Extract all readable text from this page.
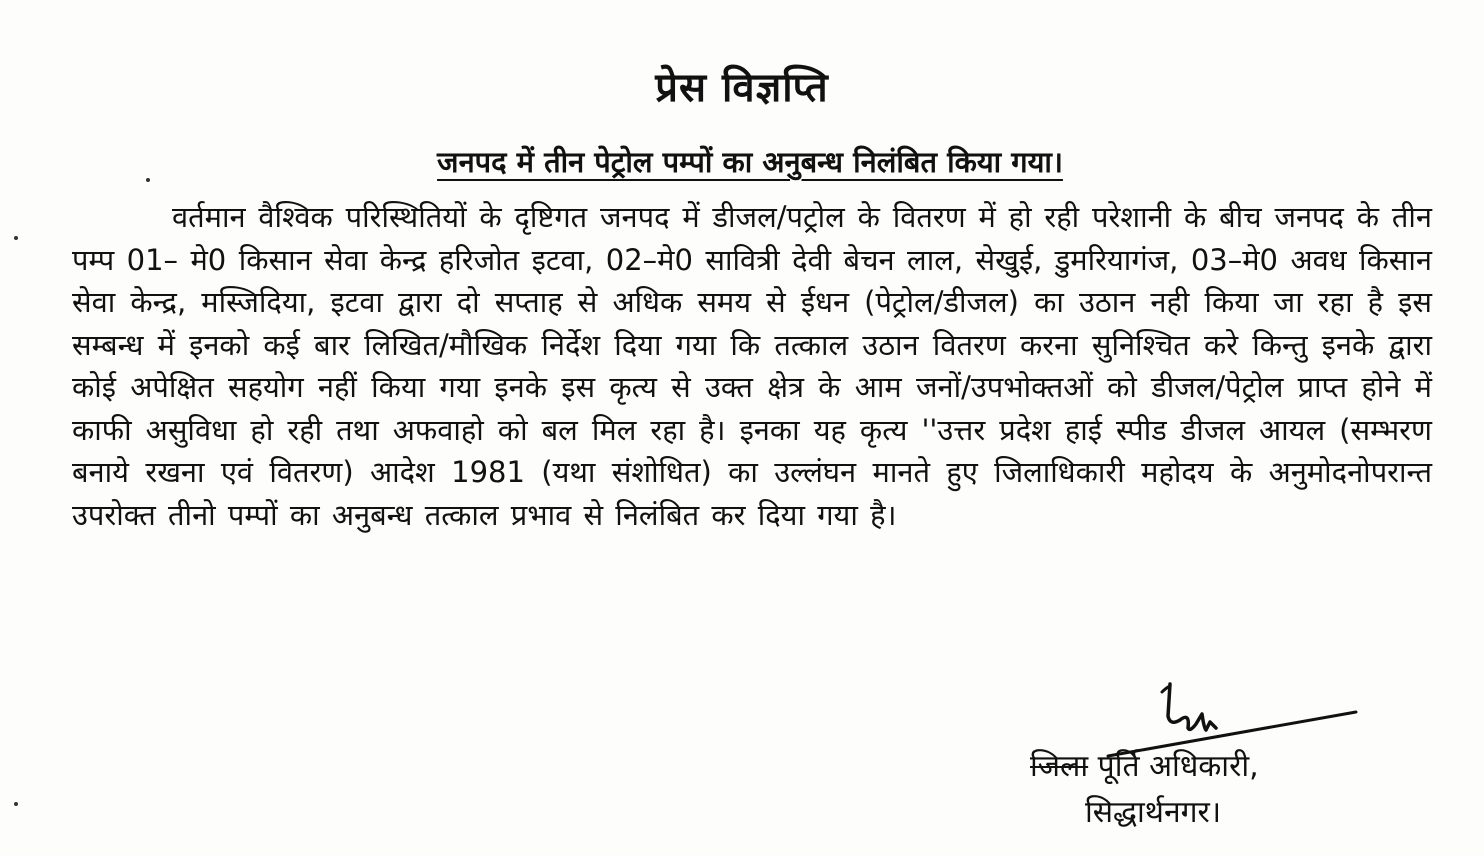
प्रेस विज्ञप्ति
जनपद में तीन पेट्रोल पम्पों का अनुबन्ध निलंबित किया गया।

वर्तमान वैश्विक परिस्थितियों के दृष्टिगत जनपद में डीजल/पट्रोल के वितरण में हो रही परेशानी के बीच जनपद के तीन पम्प 01– मे0 किसान सेवा केन्द्र हरिजोत इटवा, 02–मे0 सावित्री देवी बेचन लाल, सेखुई, डुमरियागंज, 03–मे0 अवध किसान सेवा केन्द्र, मस्जिदिया, इटवा द्वारा दो सप्ताह से अधिक समय से ईधन (पेट्रोल/डीजल) का उठान नही किया जा रहा है इस सम्बन्ध में इनको कई बार लिखित/मौखिक निर्देश दिया गया कि तत्काल उठान वितरण करना सुनिश्चित करे किन्तु इनके द्वारा कोई अपेक्षित सहयोग नहीं किया गया इनके इस कृत्य से उक्त क्षेत्र के आम जनों/उपभोक्तओं को डीजल/पेट्रोल प्राप्त होने में काफी असुविधा हो रही तथा अफवाहो को बल मिल रहा है। इनका यह कृत्य ''उत्तर प्रदेश हाई स्पीड डीजल आयल (सम्भरण बनाये रखना एवं वितरण) आदेश 1981 (यथा संशोधित) का उल्लंघन मानते हुए जिलाधिकारी महोदय के अनुमोदनोपरान्त उपरोक्त तीनो पम्पों का अनुबन्ध तत्काल प्रभाव से निलंबित कर दिया गया है।

जिला पूर्ति अधिकारी,
सिद्धार्थनगर।
